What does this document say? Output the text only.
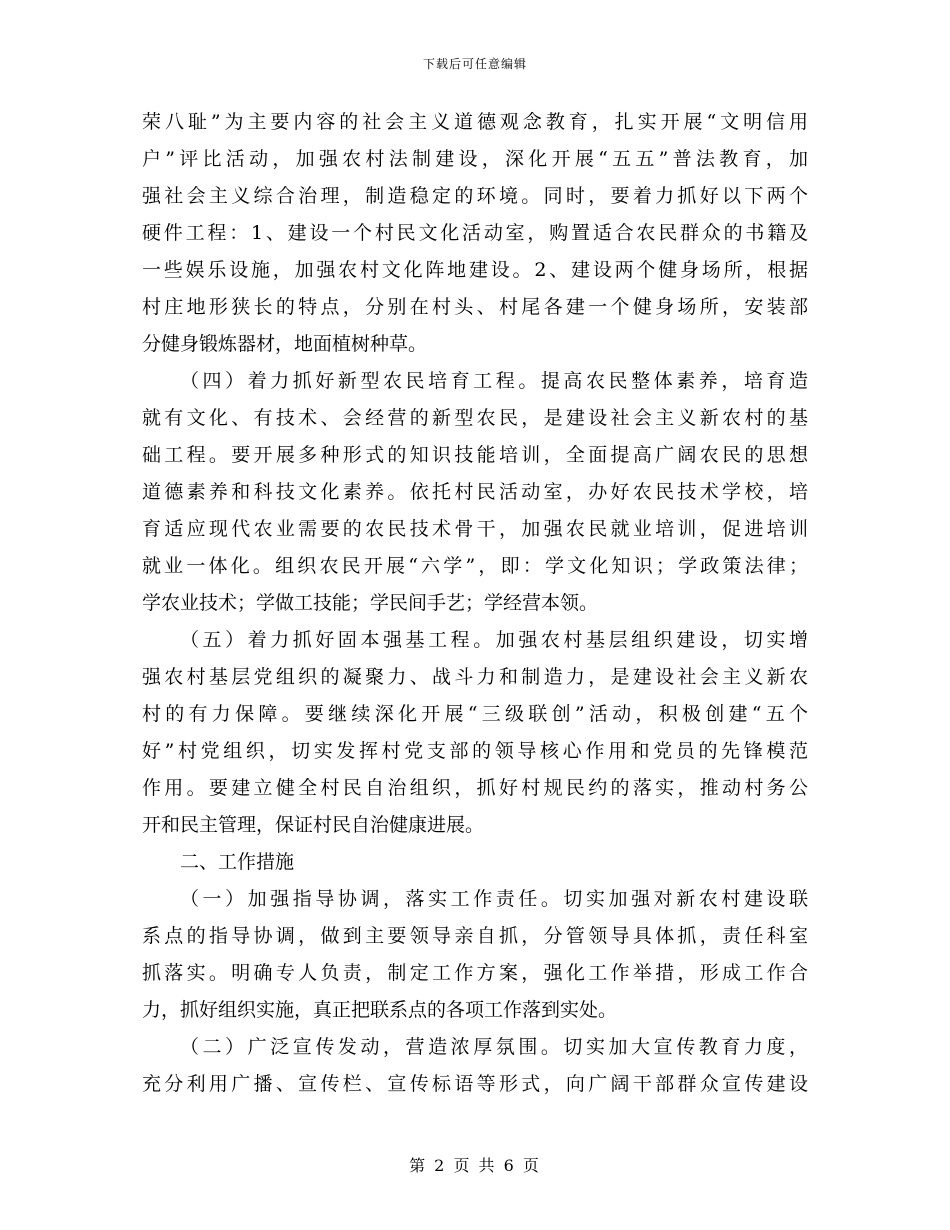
下载后可任意编辑
荣八耻”为主要内容的社会主义道德观念教育，扎实开展“文明信用
户”评比活动，加强农村法制建设，深化开展“五五”普法教育，加
强社会主义综合治理，制造稳定的环境。同时，要着力抓好以下两个
硬件工程：1、建设一个村民文化活动室，购置适合农民群众的书籍及
一些娱乐设施，加强农村文化阵地建设。2、建设两个健身场所，根据
村庄地形狭长的特点，分别在村头、村尾各建一个健身场所，安装部
分健身锻炼器材，地面植树种草。
（四）着力抓好新型农民培育工程。提高农民整体素养，培育造
就有文化、有技术、会经营的新型农民，是建设社会主义新农村的基
础工程。要开展多种形式的知识技能培训，全面提高广阔农民的思想
道德素养和科技文化素养。依托村民活动室，办好农民技术学校，培
育适应现代农业需要的农民技术骨干，加强农民就业培训，促进培训
就业一体化。组织农民开展“六学”，即：学文化知识；学政策法律；
学农业技术；学做工技能；学民间手艺；学经营本领。
（五）着力抓好固本强基工程。加强农村基层组织建设，切实增
强农村基层党组织的凝聚力、战斗力和制造力，是建设社会主义新农
村的有力保障。要继续深化开展“三级联创”活动，积极创建“五个
好”村党组织，切实发挥村党支部的领导核心作用和党员的先锋模范
作用。要建立健全村民自治组织，抓好村规民约的落实，推动村务公
开和民主管理，保证村民自治健康进展。
二、工作措施
（一）加强指导协调，落实工作责任。切实加强对新农村建设联
系点的指导协调，做到主要领导亲自抓，分管领导具体抓，责任科室
抓落实。明确专人负责，制定工作方案，强化工作举措，形成工作合
力，抓好组织实施，真正把联系点的各项工作落到实处。
（二）广泛宣传发动，营造浓厚氛围。切实加大宣传教育力度，
充分利用广播、宣传栏、宣传标语等形式，向广阔干部群众宣传建设
第 2 页 共 6 页
